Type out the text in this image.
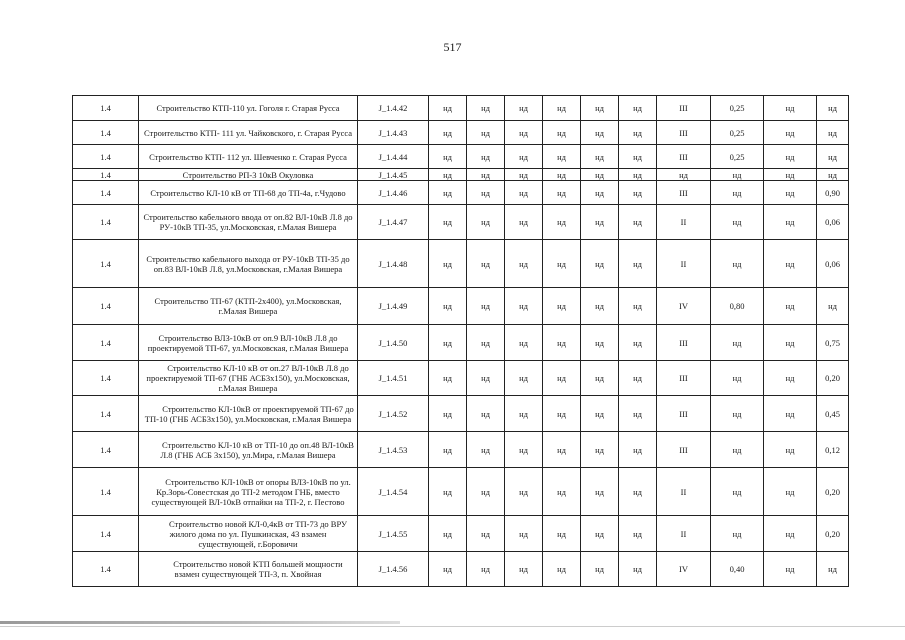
517
1.4	Строительство КТП-110 ул. Гоголя г. Старая Русса	J_1.4.42	нд	нд	нд	нд	нд	нд	III	0,25	нд	нд
1.4	Строительство КТП- 111 ул. Чайковского, г. Старая Русса	J_1.4.43	нд	нд	нд	нд	нд	нд	III	0,25	нд	нд
1.4	Строительство КТП- 112 ул. Шевченко г. Старая Русса	J_1.4.44	нд	нд	нд	нд	нд	нд	III	0,25	нд	нд
1.4	Строительство РП-3 10кВ Окуловка	J_1.4.45	нд	нд	нд	нд	нд	нд	нд	нд	нд	нд
1.4	Строительство КЛ-10 кВ от ТП-68 до ТП-4а, г.Чудово	J_1.4.46	нд	нд	нд	нд	нд	нд	III	нд	нд	0,90
1.4	Строительство кабельного ввода от оп.82 ВЛ-10кВ Л.8 до РУ-10кВ ТП-35, ул.Московская, г.Малая Вишера	J_1.4.47	нд	нд	нд	нд	нд	нд	II	нд	нд	0,06
1.4	Строительство кабельного выхода от РУ-10кВ ТП-35 до оп.83 ВЛ-10кВ Л.8, ул.Московская, г.Малая Вишера	J_1.4.48	нд	нд	нд	нд	нд	нд	II	нд	нд	0,06
1.4	Строительство ТП-67 (КТП-2х400), ул.Московская, г.Малая Вишера	J_1.4.49	нд	нд	нд	нд	нд	нд	IV	0,80	нд	нд
1.4	Строительство ВЛЗ-10кВ от оп.9 ВЛ-10кВ Л.8 до проектируемой ТП-67, ул.Московская, г.Малая Вишера	J_1.4.50	нд	нд	нд	нд	нд	нд	III	нд	нд	0,75
1.4	Строительство КЛ-10 кВ от оп.27 ВЛ-10кВ Л.8 до проектируемой ТП-67 (ГНБ АСБ3х150), ул.Московская, г.Малая Вишера	J_1.4.51	нд	нд	нд	нд	нд	нд	III	нд	нд	0,20
1.4	Строительство КЛ-10кВ от проектируемой ТП-67 до ТП-10 (ГНБ АСБ3х150), ул.Московская, г.Малая Вишера	J_1.4.52	нд	нд	нд	нд	нд	нд	III	нд	нд	0,45
1.4	Строительство КЛ-10 кВ от ТП-10 до оп.48 ВЛ-10кВ Л.8 (ГНБ АСБ 3х150), ул.Мира, г.Малая Вишера	J_1.4.53	нд	нд	нд	нд	нд	нд	III	нд	нд	0,12
1.4	Строительство КЛ-10кВ от опоры ВЛЗ-10кВ по ул. Кр.Зорь-Совестская до ТП-2 методом ГНБ, вместо существующей ВЛ-10кВ отпайки на ТП-2, г. Пестово	J_1.4.54	нд	нд	нд	нд	нд	нд	II	нд	нд	0,20
1.4	Строительство новой КЛ-0,4кВ от ТП-73 до ВРУ жилого дома по ул. Пушкинская, 43 взамен существующей, г.Боровичи	J_1.4.55	нд	нд	нд	нд	нд	нд	II	нд	нд	0,20
1.4	Строительство новой КТП большей мощности взамен существующей ТП-3, п. Хвойная	J_1.4.56	нд	нд	нд	нд	нд	нд	IV	0,40	нд	нд
